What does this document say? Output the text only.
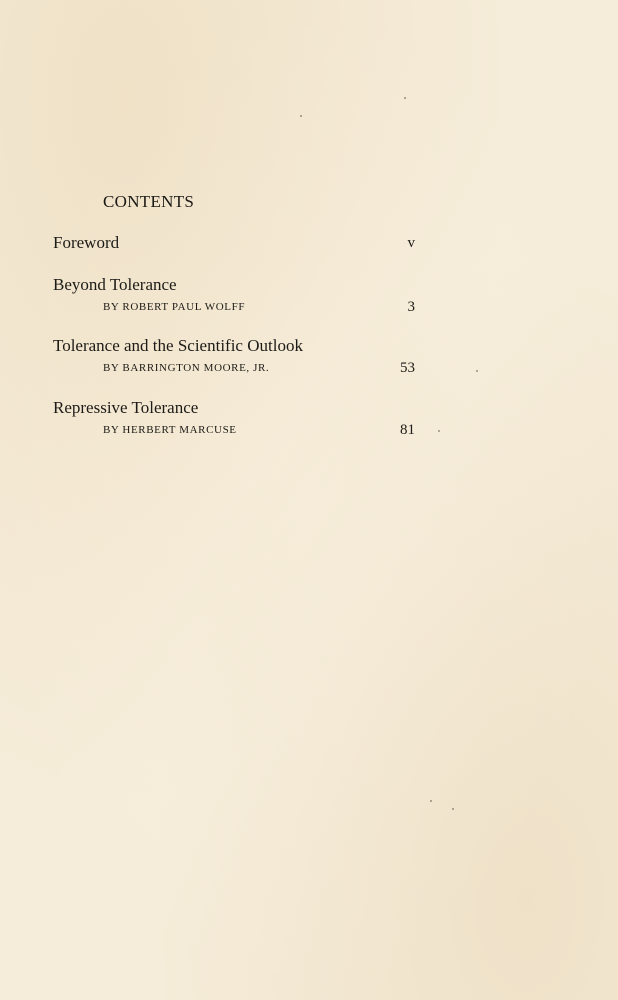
CONTENTS
Foreword	v
Beyond Tolerance
BY ROBERT PAUL WOLFF	3
Tolerance and the Scientific Outlook
BY BARRINGTON MOORE, JR.	53
Repressive Tolerance
BY HERBERT MARCUSE	81
